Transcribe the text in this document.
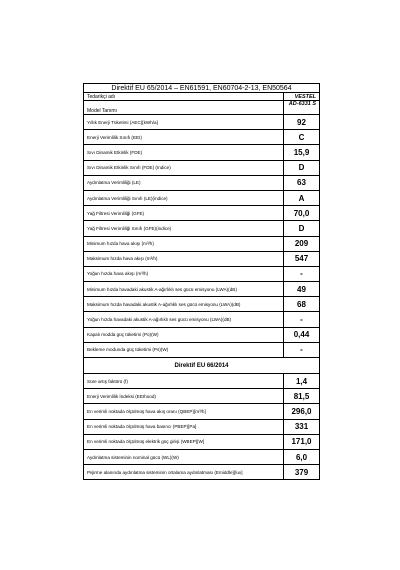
Direktif EU 65/2014 – EN61591, EN60704-2-13, EN50564	
Tedarikçi adı	VESTEL
Model Tanımı	AD-6331 S
Yıllık Enerji Tüketimi (AEC)[kWh/a]	92
Enerji Verimlilik Sınıfı (EEI)	C
Sıvı Dinamik Etkinlik (FDE)	15,9
Sıvı Dinamik Etkinlik Sınıfı (FDE) (Indice)	D
Aydınlatma Verimliliği (LE)	63
Aydınlatma Verimliliği Sınıfı (LE)(indice)	A
Yağ Filtresi Verimliliği (GFE)	70,0
Yağ Filtresi Verimliliği Sınıfı (GFE)(indice)	D
Minimum hızda hava akışı (m³/h)	209
Maksimum hızda hava akışı (m³/h)	547
Yoğun hızda hava akışı (m³/h)	-
Minimum hızda havadaki akustik A-ağırlıklı ses gücü emisyonu (LWA)(dB)	49
Maksimum hızda havadaki akustik A-ağırlıklı ses gücü emisyonu (LWA)(dB)	68
Yoğun hızda havadaki akustik A-ağırlıklı ses gücü emisyonu (LWA)(dB)	-
Kapalı modda güç tüketimi (Po)(W)	0,44
Bekleme modunda güç tüketimi (Ps)(W)	-
Direktif EU 66/2014	
Süre artış faktörü (f)	1,4
Enerji Verimlilik İndeksi (EEIhood)	81,5
En verimli noktada ölçülmüş hava akış oranı (QBEP)[m³/h]	296,0
En verimli noktada ölçülmüş hava basıncı (PBEP)[Pa]	331
En verimli noktada ölçülmüş elektrik güç girişi (WBEP)[W]	171,0
Aydınlatma sisteminin nominal gücü (WL)(W)	6,0
Pişirme alanında aydınlatma sisteminin ortalama aydınlatması (Emiddle)[lux]	379
